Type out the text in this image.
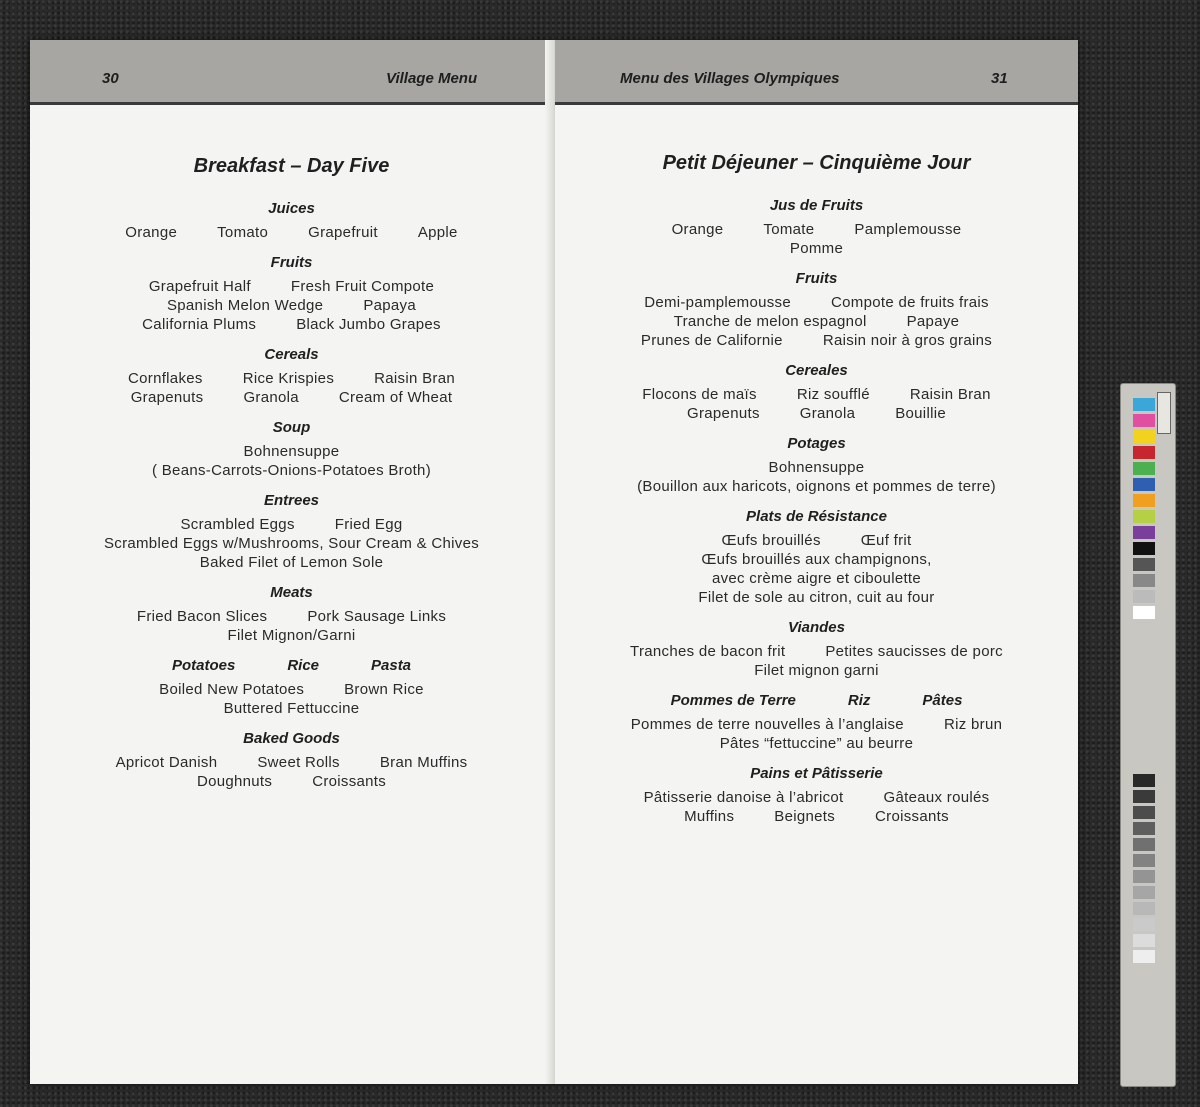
30	Village Menu
Breakfast – Day Five
Juices
Orange	Tomato	Grapefruit	Apple
Fruits
Grapefruit Half	Fresh Fruit Compote
Spanish Melon Wedge	Papaya
California Plums	Black Jumbo Grapes
Cereals
Cornflakes	Rice Krispies	Raisin Bran
Grapenuts	Granola	Cream of Wheat
Soup
Bohnensuppe
( Beans-Carrots-Onions-Potatoes Broth)
Entrees
Scrambled Eggs	Fried Egg
Scrambled Eggs w/Mushrooms, Sour Cream & Chives
Baked Filet of Lemon Sole
Meats
Fried Bacon Slices	Pork Sausage Links
Filet Mignon/Garni
Potatoes	Rice	Pasta
Boiled New Potatoes	Brown Rice
Buttered Fettuccine
Baked Goods
Apricot Danish	Sweet Rolls	Bran Muffins
Doughnuts	Croissants
Menu des Villages Olympiques	31
Petit Déjeuner – Cinquième Jour
Jus de Fruits
Orange	Tomate	Pamplemousse
Pomme
Fruits
Demi-pamplemousse	Compote de fruits frais
Tranche de melon espagnol	Papaye
Prunes de Californie	Raisin noir à gros grains
Cereales
Flocons de maïs	Riz soufflé	Raisin Bran
Grapenuts	Granola	Bouillie
Potages
Bohnensuppe
(Bouillon aux haricots, oignons et pommes de terre)
Plats de Résistance
Œufs brouillés	Œuf frit
Œufs brouillés aux champignons,
avec crème aigre et ciboulette
Filet de sole au citron, cuit au four
Viandes
Tranches de bacon frit	Petites saucisses de porc
Filet mignon garni
Pommes de Terre	Riz	Pâtes
Pommes de terre nouvelles à l’anglaise	Riz brun
Pâtes “fettuccine” au beurre
Pains et Pâtisserie
Pâtisserie danoise à l’abricot	Gâteaux roulés
Muffins	Beignets	Croissants
